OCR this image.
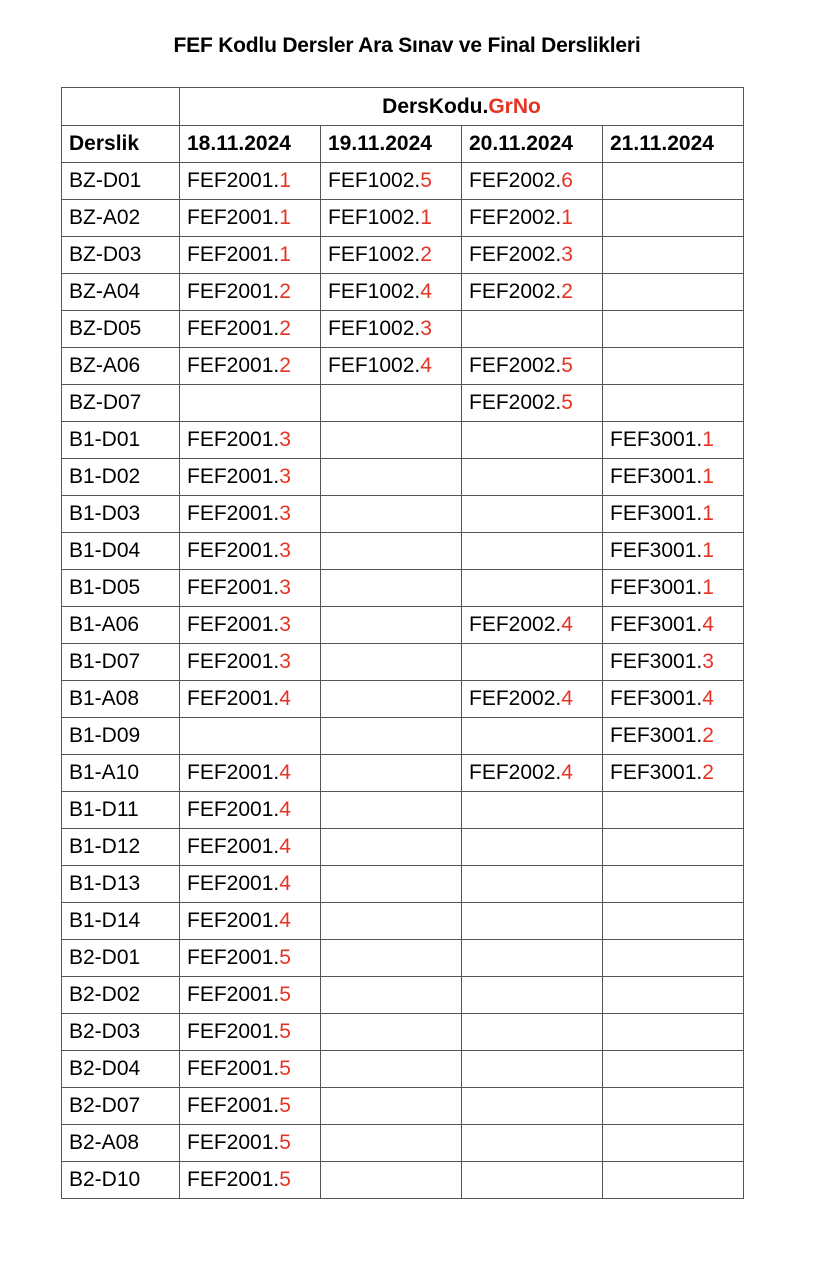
FEF Kodlu Dersler Ara Sınav ve Final Derslikleri
	DersKodu.GrNo			
Derslik	18.11.2024	19.11.2024	20.11.2024	21.11.2024
BZ-D01	FEF2001.1	FEF1002.5	FEF2002.6	
BZ-A02	FEF2001.1	FEF1002.1	FEF2002.1	
BZ-D03	FEF2001.1	FEF1002.2	FEF2002.3	
BZ-A04	FEF2001.2	FEF1002.4	FEF2002.2	
BZ-D05	FEF2001.2	FEF1002.3		
BZ-A06	FEF2001.2	FEF1002.4	FEF2002.5	
BZ-D07			FEF2002.5	
B1-D01	FEF2001.3			FEF3001.1
B1-D02	FEF2001.3			FEF3001.1
B1-D03	FEF2001.3			FEF3001.1
B1-D04	FEF2001.3			FEF3001.1
B1-D05	FEF2001.3			FEF3001.1
B1-A06	FEF2001.3		FEF2002.4	FEF3001.4
B1-D07	FEF2001.3			FEF3001.3
B1-A08	FEF2001.4		FEF2002.4	FEF3001.4
B1-D09				FEF3001.2
B1-A10	FEF2001.4		FEF2002.4	FEF3001.2
B1-D11	FEF2001.4			
B1-D12	FEF2001.4			
B1-D13	FEF2001.4			
B1-D14	FEF2001.4			
B2-D01	FEF2001.5			
B2-D02	FEF2001.5			
B2-D03	FEF2001.5			
B2-D04	FEF2001.5			
B2-D07	FEF2001.5			
B2-A08	FEF2001.5			
B2-D10	FEF2001.5			
